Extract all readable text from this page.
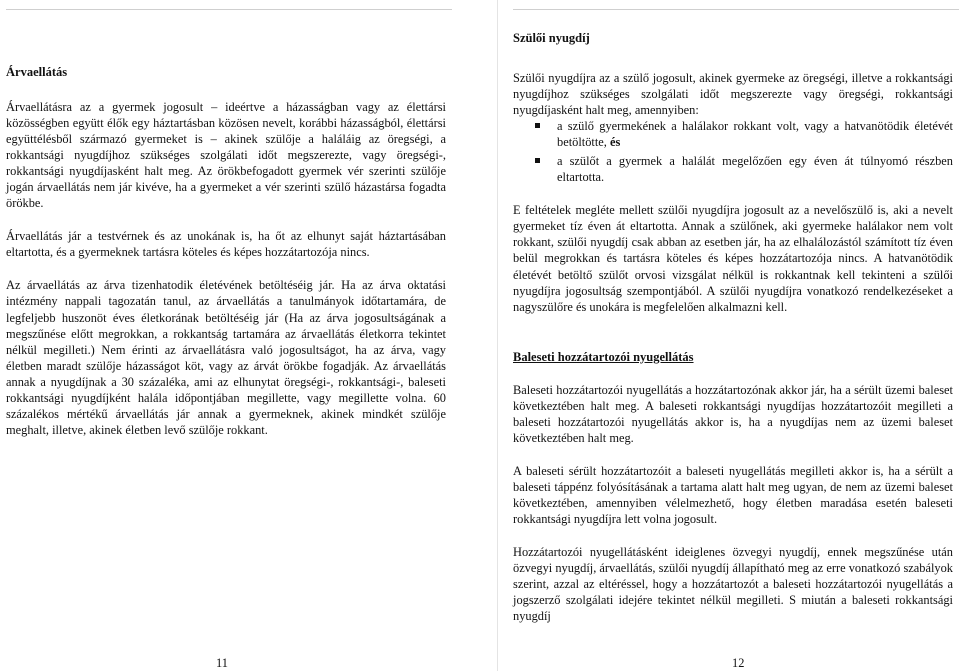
Árvaellátás

Árvaellátásra az a gyermek jogosult – ideértve a házasságban vagy az élettársi közösségben együtt élők egy háztartásban közösen nevelt, korábbi házasságból, élettársi együttélésből származó gyermeket is – akinek szülője a haláláig az öregségi, a rokkantsági nyugdíjhoz szükséges szolgálati időt megszerezte, vagy öregségi-, rokkantsági nyugdíjasként halt meg. Az örökbefogadott gyermek vér szerinti szülője jogán árvaellátás nem jár kivéve, ha a gyermeket a vér szerinti szülő házastársa fogadta örökbe.

Árvaellátás jár a testvérnek és az unokának is, ha őt az elhunyt saját háztartásában eltartotta, és a gyermeknek tartásra köteles és képes hozzátartozója nincs.

Az árvaellátás az árva tizenhatodik életévének betöltéséig jár. Ha az árva oktatási intézmény nappali tagozatán tanul, az árvaellátás a tanulmányok időtartamára, de legfeljebb huszonöt éves életkorának betöltéséig jár (Ha az árva jogosultságának a megszűnése előtt megrokkan, a rokkantság tartamára az árvaellátás életkorra tekintet nélkül megilleti.) Nem érinti az árvaellátásra való jogosultságot, ha az árva, vagy életben maradt szülője házasságot köt, vagy az árvát örökbe fogadják. Az árvaellátás annak a nyugdíjnak a 30 százaléka, ami az elhunytat öregségi-, rokkantsági-, baleseti rokkantsági nyugdíjként halála időpontjában megillette, vagy megillette volna. 60 százalékos mértékű árvaellátás jár annak a gyermeknek, akinek mindkét szülője meghalt, illetve, akinek életben levő szülője rokkant.

11
Szülői nyugdíj

Szülői nyugdíjra az a szülő jogosult, akinek gyermeke az öregségi, illetve a rokkantsági nyugdíjhoz szükséges szolgálati időt megszerezte vagy öregségi, rokkantsági nyugdíjasként halt meg, amennyiben:

a szülő gyermekének a halálakor rokkant volt, vagy a hatvanötödik életévét betöltötte, és
a szülőt a gyermek a halálát megelőzően egy éven át túlnyomó részben eltartotta.

E feltételek megléte mellett szülői nyugdíjra jogosult az a nevelőszülő is, aki a nevelt gyermeket tíz éven át eltartotta. Annak a szülőnek, aki gyermeke halálakor nem volt rokkant, szülői nyugdíj csak abban az esetben jár, ha az elhalálozástól számított tíz éven belül megrokkan és tartásra köteles és képes hozzátartozója nincs. A hatvanötödik életévét betöltő szülőt orvosi vizsgálat nélkül is rokkantnak kell tekinteni a szülői nyugdíjra jogosultság szempontjából. A szülői nyugdíjra vonatkozó rendelkezéseket a nagyszülőre és unokára is megfelelően alkalmazni kell.

Baleseti hozzátartozói nyugellátás

Baleseti hozzátartozói nyugellátás a hozzátartozónak akkor jár, ha a sérült üzemi baleset következtében halt meg. A baleseti rokkantsági nyugdíjas hozzátartozóit megilleti a baleseti hozzátartozói nyugellátás akkor is, ha a nyugdíjas nem az üzemi baleset következtében halt meg.

A baleseti sérült hozzátartozóit a baleseti nyugellátás megilleti akkor is, ha a sérült a baleseti táppénz folyósításának a tartama alatt halt meg ugyan, de nem az üzemi baleset következtében, amennyiben vélelmezhető, hogy életben maradása esetén baleseti rokkantsági nyugdíjra lett volna jogosult.

Hozzátartozói nyugellátásként ideiglenes özvegyi nyugdíj, ennek megszűnése után özvegyi nyugdíj, árvaellátás, szülői nyugdíj állapítható meg az erre vonatkozó szabályok szerint, azzal az eltéréssel, hogy a hozzátartozót a baleseti hozzátartozói nyugellátás a jogszerző szolgálati idejére tekintet nélkül megilleti. S miután a baleseti rokkantsági nyugdíj

12
